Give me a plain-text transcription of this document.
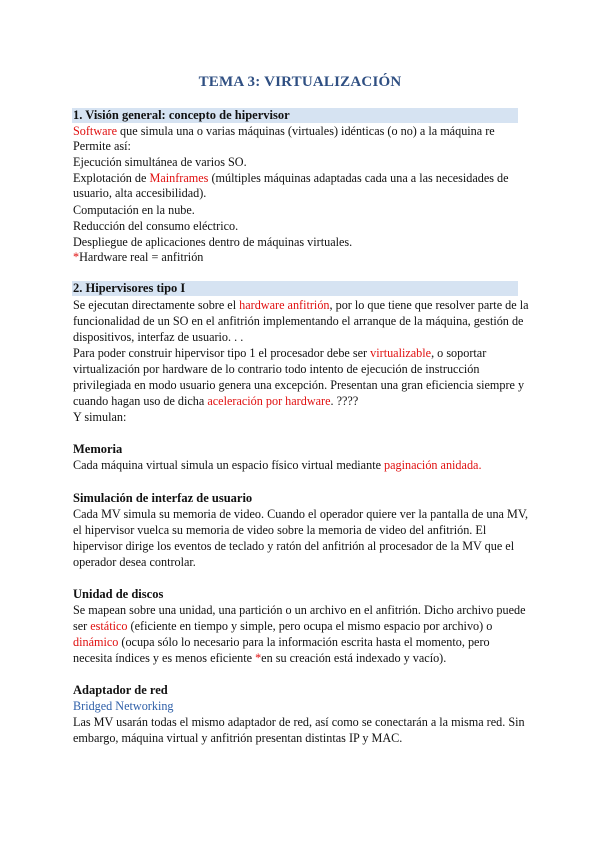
TEMA 3: VIRTUALIZACIÓN
1. Visión general: concepto de hipervisor
Software que simula una o varias máquinas (virtuales) idénticas (o no) a la máquina re
Permite así:
Ejecución simultánea de varios SO.
Explotación de Mainframes (múltiples máquinas adaptadas cada una a las necesidades de
usuario, alta accesibilidad).
Computación en la nube.
Reducción del consumo eléctrico.
Despliegue de aplicaciones dentro de máquinas virtuales.
*Hardware real = anfitrión
2. Hipervisores tipo I
Se ejecutan directamente sobre el hardware anfitrión, por lo que tiene que resolver parte de la
funcionalidad de un SO en el anfitrión implementando el arranque de la máquina, gestión de
dispositivos, interfaz de usuario. . .
Para poder construir hipervisor tipo 1 el procesador debe ser virtualizable, o soportar
virtualización por hardware de lo contrario todo intento de ejecución de instrucción
privilegiada en modo usuario genera una excepción. Presentan una gran eficiencia siempre y
cuando hagan uso de dicha aceleración por hardware. ????
Y simulan:
Memoria
Cada máquina virtual simula un espacio físico virtual mediante paginación anidada.
Simulación de interfaz de usuario
Cada MV simula su memoria de video. Cuando el operador quiere ver la pantalla de una MV,
el hipervisor vuelca su memoria de video sobre la memoria de video del anfitrión. El
hipervisor dirige los eventos de teclado y ratón del anfitrión al procesador de la MV que el
operador desea controlar.
Unidad de discos
Se mapean sobre una unidad, una partición o un archivo en el anfitrión. Dicho archivo puede
ser estático (eficiente en tiempo y simple, pero ocupa el mismo espacio por archivo) o
dinámico (ocupa sólo lo necesario para la información escrita hasta el momento, pero
necesita índices y es menos eficiente *en su creación está indexado y vacío).
Adaptador de red
Bridged Networking
Las MV usarán todas el mismo adaptador de red, así como se conectarán a la misma red. Sin
embargo, máquina virtual y anfitrión presentan distintas IP y MAC.
